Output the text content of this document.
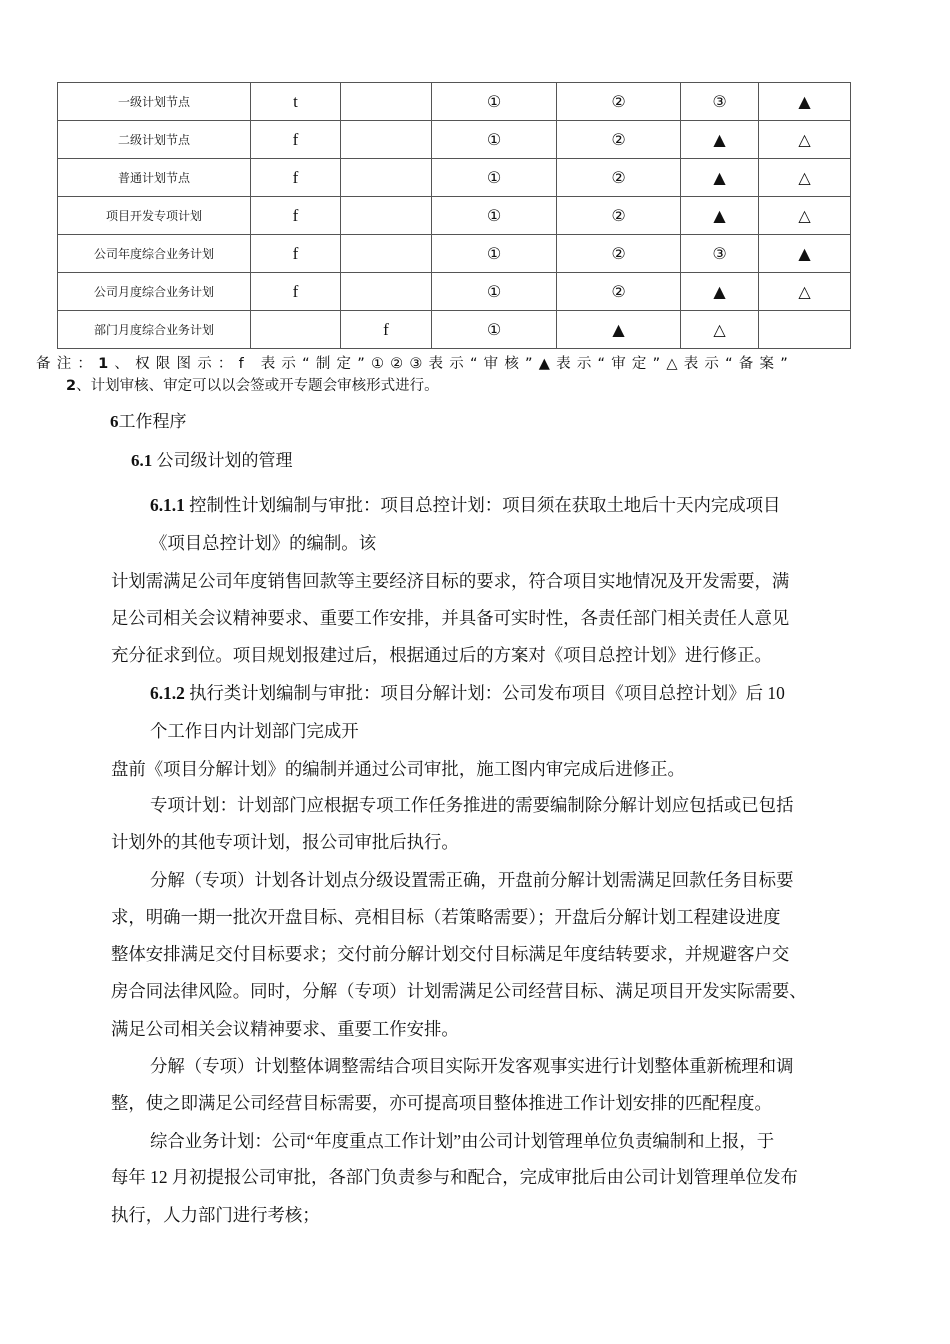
一级计划节点	t		①	②	③	▲
二级计划节点	f		①	②	▲	△
普通计划节点	f		①	②	▲	△
项目开发专项计划	f		①	②	▲	△
公司年度综合业务计划	f		①	②	③	▲
公司月度综合业务计划	f		①	②	▲	△
部门月度综合业务计划		f	①	▲	△	
备注：1、权限图示：f 表示“制定”①②③表示“审核”▲表示“审定”△表示“备案”
2、计划审核、审定可以以会签或开专题会审核形式进行。
6工作程序
6.1 公司级计划的管理
6.1.1 控制性计划编制与审批：项目总控计划：项目须在获取土地后十天内完成项目
《项目总控计划》的编制。该
计划需满足公司年度销售回款等主要经济目标的要求，符合项目实地情况及开发需要，满
足公司相关会议精神要求、重要工作安排，并具备可实时性，各责任部门相关责任人意见
充分征求到位。项目规划报建过后，根据通过后的方案对《项目总控计划》进行修正。
6.1.2 执行类计划编制与审批：项目分解计划：公司发布项目《项目总控计划》后 10
个工作日内计划部门完成开
盘前《项目分解计划》的编制并通过公司审批，施工图内审完成后进修正。
专项计划：计划部门应根据专项工作任务推进的需要编制除分解计划应包括或已包括
计划外的其他专项计划，报公司审批后执行。
分解（专项）计划各计划点分级设置需正确，开盘前分解计划需满足回款任务目标要
求，明确一期一批次开盘目标、亮相目标（若策略需要）；开盘后分解计划工程建设进度
整体安排满足交付目标要求；交付前分解计划交付目标满足年度结转要求，并规避客户交
房合同法律风险。同时，分解（专项）计划需满足公司经营目标、满足项目开发实际需要、
满足公司相关会议精神要求、重要工作安排。
分解（专项）计划整体调整需结合项目实际开发客观事实进行计划整体重新梳理和调
整，使之即满足公司经营目标需要，亦可提高项目整体推进工作计划安排的匹配程度。
综合业务计划：公司“年度重点工作计划”由公司计划管理单位负责编制和上报，于
每年 12 月初提报公司审批，各部门负责参与和配合，完成审批后由公司计划管理单位发布
执行，人力部门进行考核；
